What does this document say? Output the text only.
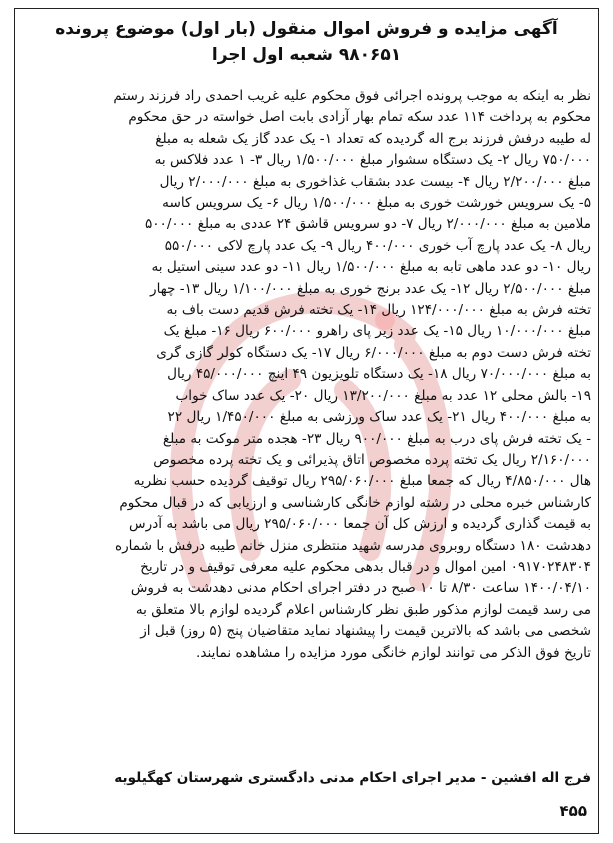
آگهی مزایده و فروش اموال منقول (بار اول) موضوع پرونده
۹۸۰۶۵۱ شعبه اول اجرا
نظر به اینکه به موجب پرونده اجرائی فوق محکوم علیه غریب احمدی راد فرزند رستم
محکوم به پرداخت ۱۱۴ عدد سکه تمام بهار آزادی بابت اصل خواسته در حق محکوم
له طیبه درفش فرزند برج اله گردیده که تعداد ۱- یک عدد گاز یک شعله به مبلغ
۷۵۰/۰۰۰ ریال ۲- یک دستگاه سشوار مبلغ ۱/۵۰۰/۰۰۰ ریال ۳- ۱ عدد فلاکس به
مبلغ ۲/۲۰۰/۰۰۰ ریال ۴- بیست عدد بشقاب غذاخوری به مبلغ ۲/۰۰۰/۰۰۰ ریال
۵- یک سرویس خورشت خوری به مبلغ ۱/۵۰۰/۰۰۰ ریال ۶- یک سرویس کاسه
ملامین به مبلغ ۲/۰۰۰/۰۰۰ ریال ۷- دو سرویس قاشق ۲۴ عددی به مبلغ ۵۰۰/۰۰۰
ریال ۸- یک عدد پارچ آب خوری ۴۰۰/۰۰۰ ریال ۹- یک عدد پارچ لاکی ۵۵۰/۰۰۰
ریال ۱۰- دو عدد ماهی تابه به مبلغ ۱/۵۰۰/۰۰۰ ریال ۱۱- دو عدد سینی استیل به
مبلغ ۲/۵۰۰/۰۰۰ ریال ۱۲- یک عدد برنج خوری به مبلغ ۱/۱۰۰/۰۰۰ ریال ۱۳- چهار
تخته فرش به مبلغ ۱۲۴/۰۰۰/۰۰۰ ریال ۱۴- یک تخته فرش قدیم دست باف به
مبلغ ۱۰/۰۰۰/۰۰۰ ریال ۱۵- یک عدد زیر پای راهرو ۶۰۰/۰۰۰ ریال ۱۶- مبلغ یک
تخته فرش دست دوم به مبلغ ۶/۰۰۰/۰۰۰ ریال ۱۷- یک دستگاه کولر گازی گری
به مبلغ ۷۰/۰۰۰/۰۰۰ ریال ۱۸- یک دستگاه تلویزیون ۴۹ اینچ ۴۵/۰۰۰/۰۰۰ ریال
۱۹- بالش محلی ۱۲ عدد به مبلغ ۱۳/۲۰۰/۰۰۰ ریال ۲۰- یک عدد ساک خواب
به مبلغ ۴۰۰/۰۰۰ ریال ۲۱- یک عدد ساک ورزشی به مبلغ ۱/۴۵۰/۰۰۰ ریال ۲۲
- یک تخته فرش پای درب به مبلغ ۹۰۰/۰۰۰ ریال ۲۳- هجده متر موکت به مبلغ
۲/۱۶۰/۰۰۰ ریال یک تخته پرده مخصوص اتاق پذیرائی و یک تخته پرده مخصوص
هال ۴/۸۵۰/۰۰۰ ریال که جمعا مبلغ ۲۹۵/۰۶۰/۰۰۰ ریال توقیف گردیده حسب نظریه
کارشناس خبره محلی در رشته لوازم خانگی کارشناسی و ارزیابی که در قبال محکوم
به قیمت گذاری گردیده و ارزش کل آن جمعا ۲۹۵/۰۶۰/۰۰۰ ریال می باشد به آدرس
دهدشت ۱۸۰ دستگاه روبروی مدرسه شهید منتظری منزل خانم طیبه درفش با شماره
۰۹۱۷۰۲۴۸۳۰۴ امین اموال و در قبال بدهی محکوم علیه معرفی توقیف و در تاریخ
۱۴۰۰/۰۴/۱۰ ساعت ۸/۳۰ تا ۱۰ صبح در دفتر اجرای احکام مدنی دهدشت به فروش
می رسد قیمت لوازم مذکور طبق نظر کارشناس اعلام گردیده لوازم بالا متعلق به
شخصی می باشد که بالاترین قیمت را پیشنهاد نماید متقاضیان پنج (۵ روز) قبل از
تاریخ فوق الذکر می توانند لوازم خانگی مورد مزایده را مشاهده نمایند.
فرج اله افشین - مدیر اجرای احکام مدنی دادگستری شهرستان کهگیلویه
۴۵۵
